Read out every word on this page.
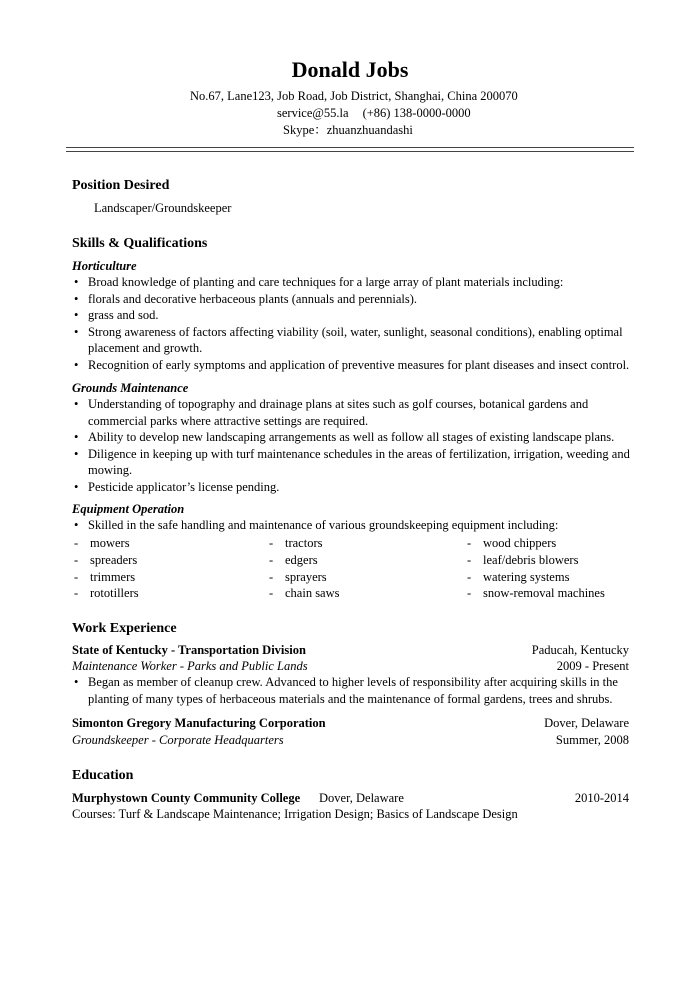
Donald Jobs
No.67, Lane123, Job Road, Job District, Shanghai, China 200070
service@55.la (+86) 138-0000-0000
Skype：zhuanzhuandashi
Position Desired
Landscaper/Groundskeeper
Skills & Qualifications
Horticulture
• Broad knowledge of planting and care techniques for a large array of plant materials including:
• florals and decorative herbaceous plants (annuals and perennials).
• grass and sod.
• Strong awareness of factors affecting viability (soil, water, sunlight, seasonal conditions), enabling optimal placement and growth.
• Recognition of early symptoms and application of preventive measures for plant diseases and insect control.
Grounds Maintenance
• Understanding of topography and drainage plans at sites such as golf courses, botanical gardens and commercial parks where attractive settings are required.
• Ability to develop new landscaping arrangements as well as follow all stages of existing landscape plans.
• Diligence in keeping up with turf maintenance schedules in the areas of fertilization, irrigation, weeding and mowing.
• Pesticide applicator’s license pending.
Equipment Operation
• Skilled in the safe handling and maintenance of various groundskeeping equipment including:
- mowers	- tractors	- wood chippers
- spreaders	- edgers	- leaf/debris blowers
- trimmers	- sprayers	- watering systems
- rototillers	- chain saws	- snow-removal machines
Work Experience
State of Kentucky - Transportation Division	Paducah, Kentucky
Maintenance Worker - Parks and Public Lands	2009 - Present
• Began as member of cleanup crew. Advanced to higher levels of responsibility after acquiring skills in the planting of many types of herbaceous materials and the maintenance of formal gardens, trees and shrubs.
Simonton Gregory Manufacturing Corporation	Dover, Delaware
Groundskeeper - Corporate Headquarters	Summer, 2008
Education
Murphystown County Community College Dover, Delaware	2010-2014
Courses: Turf & Landscape Maintenance; Irrigation Design; Basics of Landscape Design
